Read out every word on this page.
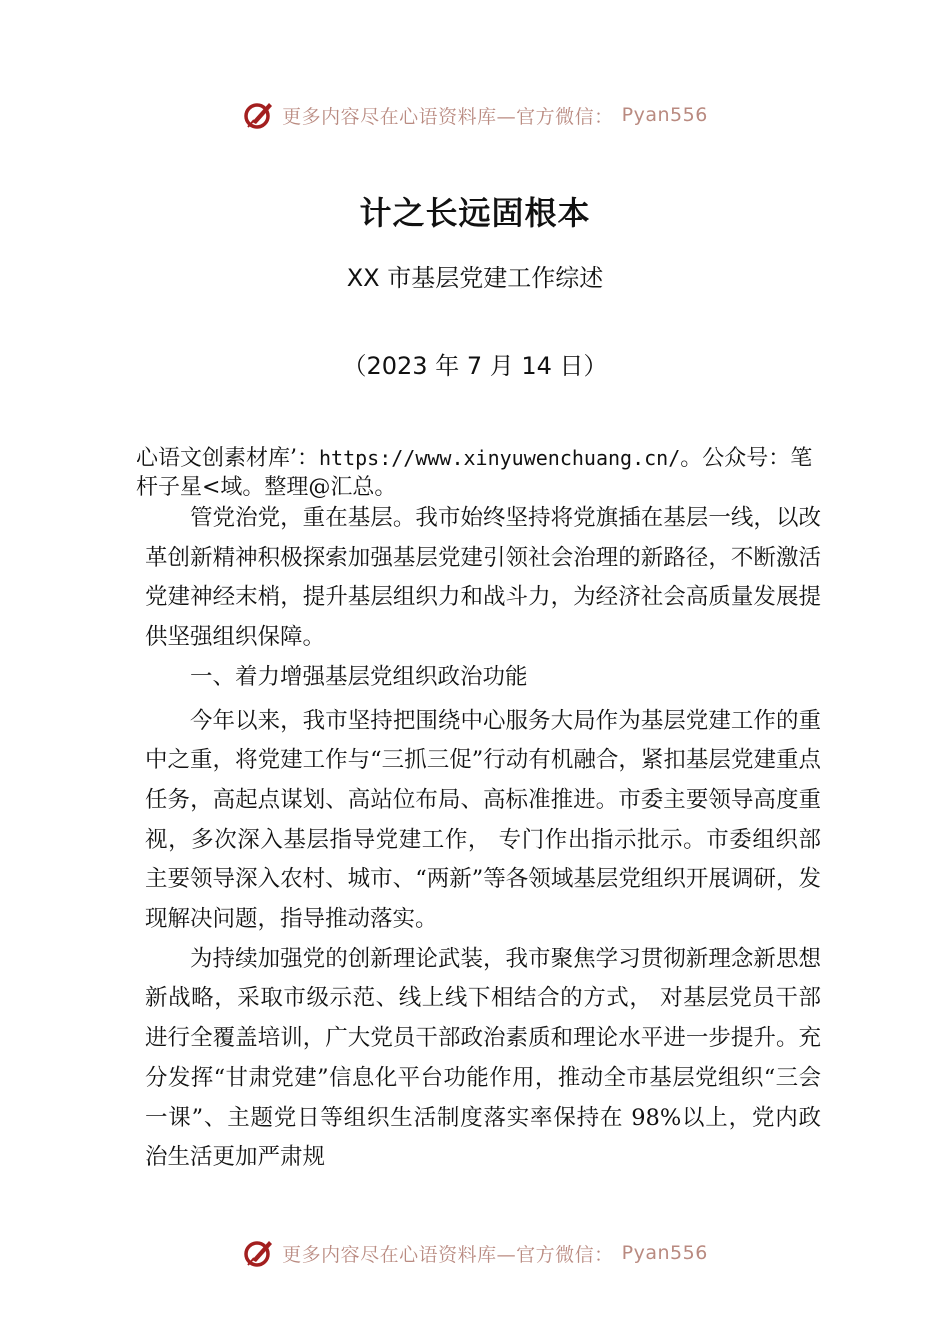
更多内容尽在心语资料库—官方微信： Pyan556
计之长远固根本
XX 市基层党建工作综述
（2023 年 7 月 14 日）
心语文创素材库’：https://www.xinyuwenchuang.cn/。公众号：笔杆子星<域。整理@汇总。

管党治党，重在基层。我市始终坚持将党旗插在基层一线，以改革创新精神积极探索加强基层党建引领社会治理的新路径，不断激活党建神经末梢，提升基层组织力和战斗力，为经济社会高质量发展提供坚强组织保障。

一、着力增强基层党组织政治功能

今年以来，我市坚持把围绕中心服务大局作为基层党建工作的重中之重，将党建工作与“三抓三促”行动有机融合，紧扣基层党建重点任务，高起点谋划、高站位布局、高标准推进。市委主要领导高度重视，多次深入基层指导党建工作， 专门作出指示批示。市委组织部主要领导深入农村、城市、“两新”等各领域基层党组织开展调研，发现解决问题，指导推动落实。

为持续加强党的创新理论武装，我市聚焦学习贯彻新理念新思想新战略，采取市级示范、线上线下相结合的方式， 对基层党员干部进行全覆盖培训，广大党员干部政治素质和理论水平进一步提升。充分发挥“甘肃党建”信息化平台功能作用，推动全市基层党组织“三会一课”、主题党日等组织生活制度落实率保持在 98%以上，党内政治生活更加严肃规

更多内容尽在心语资料库—官方微信： Pyan556
